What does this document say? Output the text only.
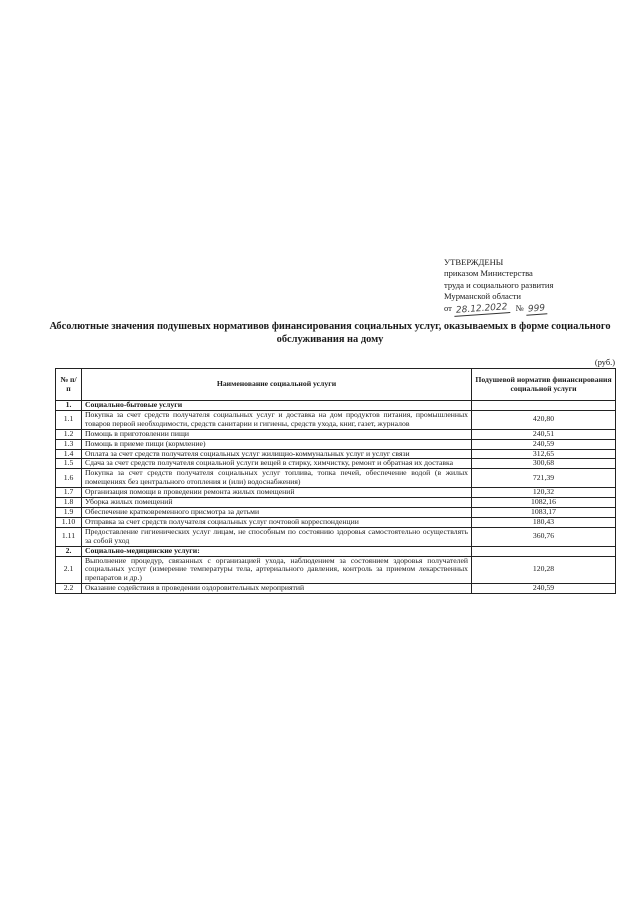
УТВЕРЖДЕНЫ
приказом Министерства
труда и социального развития
Мурманской области
от 28.12.2022 № 999
Абсолютные значения подушевых нормативов финансирования социальных услуг, оказываемых в форме социального обслуживания на дому
(руб.)
№ п/п	Наименование социальной услуги	Подушевой норматив финансирования социальной услуги
1.	Социально-бытовые услуги	
1.1	Покупка за счет средств получателя социальных услуг и доставка на дом продуктов питания, промышленных товаров первой необходимости, средств санитарии и гигиены, средств ухода, книг, газет, журналов	420,80
1.2	Помощь в приготовлении пищи	240,51
1.3	Помощь в приеме пищи (кормление)	240,59
1.4	Оплата за счет средств получателя социальных услуг жилищно-коммунальных услуг и услуг связи	312,65
1.5	Сдача за счет средств получателя социальной услуги вещей в стирку, химчистку, ремонт и обратная их доставка	300,68
1.6	Покупка за счет средств получателя социальных услуг топлива, топка печей, обеспечение водой (в жилых помещениях без центрального отопления и (или) водоснабжения)	721,39
1.7	Организация помощи в проведении ремонта жилых помещений	120,32
1.8	Уборка жилых помещений	1082,16
1.9	Обеспечение кратковременного присмотра за детьми	1083,17
1.10	Отправка за счет средств получателя социальных услуг почтовой корреспонденции	180,43
1.11	Предоставление гигиенических услуг лицам, не способным по состоянию здоровья самостоятельно осуществлять за собой уход	360,76
2.	Социально-медицинские услуги:	
2.1	Выполнение процедур, связанных с организацией ухода, наблюдением за состоянием здоровья получателей социальных услуг (измерение температуры тела, артериального давления, контроль за приемом лекарственных препаратов и др.)	120,28
2.2	Оказание содействия в проведении оздоровительных мероприятий	240,59
